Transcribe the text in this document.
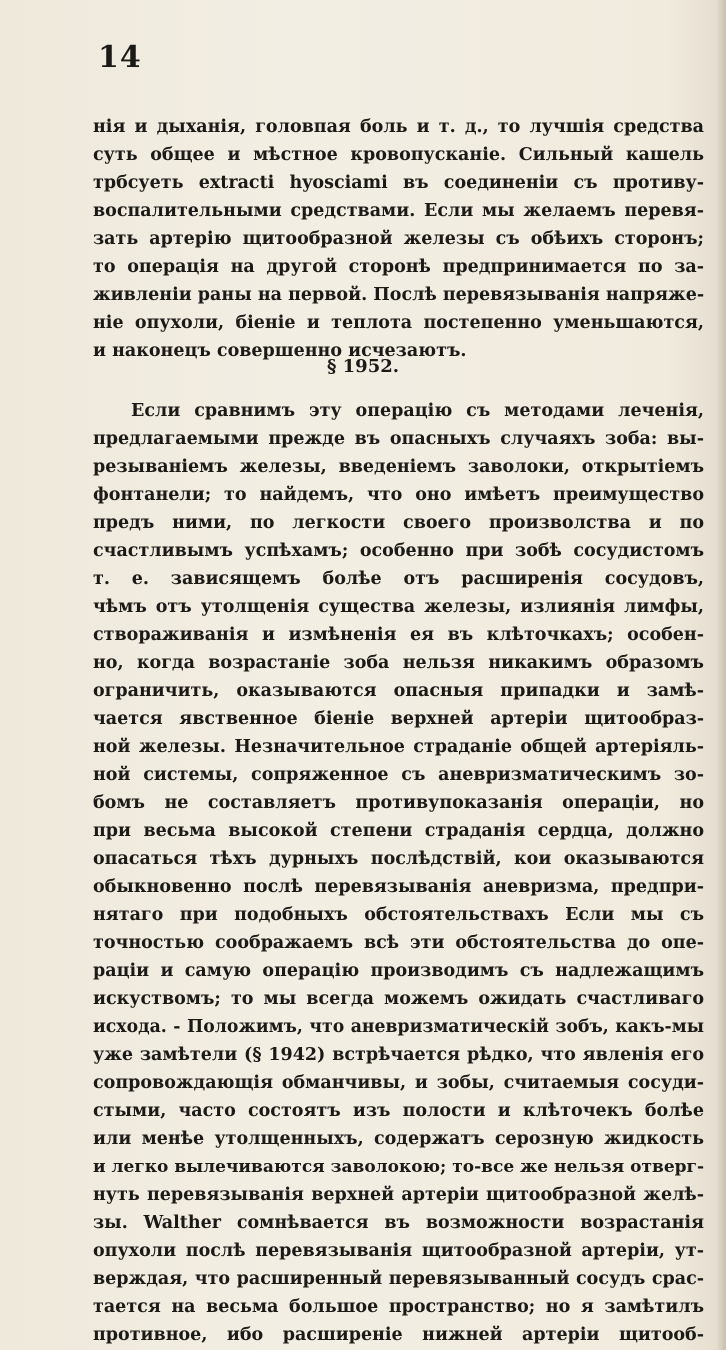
14
нія и дыханія, головпая боль и т. д., то лучшія средства
суть общее и мѣстное кровопусканіе. Сильный кашель
трбсуеть extracti hyosciami въ соединеніи съ противу-
воспалительными средствами. Если мы желаемъ перевя-
зать артерію щитообразной железы съ обѣихъ сторонъ;
то операція на другой сторонѣ предпринимается по за-
живленіи раны на первой. Послѣ перевязыванія напряже-
ніе опухоли, біеніе и теплота постепенно уменьшаются,
и наконецъ совершенно исчезаютъ.
§ 1952.
Если сравнимъ эту операцію съ методами леченія,
предлагаемыми прежде въ опасныхъ случаяхъ зоба: вы-
резываніемъ железы, введеніемъ заволоки, открытіемъ
фонтанели; то найдемъ, что оно имѣетъ преимущество
предъ ними, по легкости своего произволства и по
счастливымъ успѣхамъ; особенно при зобѣ сосудистомъ
т. е. зависящемъ болѣе отъ расширенія сосудовъ,
чѣмъ отъ утолщенія существа железы, излиянія лимфы,
створаживанія и измѣненія ея въ клѣточкахъ; особен-
но, когда возрастаніе зоба нельзя никакимъ образомъ
ограничить, оказываются опасныя припадки и замѣ-
чается явственное біеніе верхней артеріи щитообраз-
ной железы. Незначительное страданіе общей артеріяль-
ной системы, сопряженное съ аневризматическимъ зо-
бомъ не составляетъ противупоказанія операціи, но
при весьма высокой степени страданія сердца, должно
опасаться тѣхъ дурныхъ послѣдствій, кои оказываются
обыкновенно послѣ перевязыванія аневризма, предпри-
нятаго при подобныхъ обстоятельствахъ Если мы съ
точностью соображаемъ всѣ эти обстоятельства до опе-
раціи и самую операцію производимъ съ надлежащимъ
искуствомъ; то мы всегда можемъ ожидать счастливаго
исхода. - Положимъ, что аневризматическій зобъ, какъ-мы
уже замѣтели (§ 1942) встрѣчается рѣдко, что явленія его
сопровождающія обманчивы, и зобы, считаемыя сосуди-
стыми, часто состоятъ изъ полости и клѣточекъ болѣе
или менѣе утолщенныхъ, содержатъ серозную жидкость
и легко вылечиваются заволокою; то-все же нельзя отверг-
нуть перевязыванія верхней артеріи щитообразной желѣ-
зы. Walther сомнѣвается въ возможности возрастанія
опухоли послѣ перевязыванія щитообразной артеріи, ут-
верждая, что расширенный перевязыванный сосудъ срас-
тается на весьма большое пространство; но я замѣтилъ
противное, ибо расширеніе нижней артеріи щитооб-
